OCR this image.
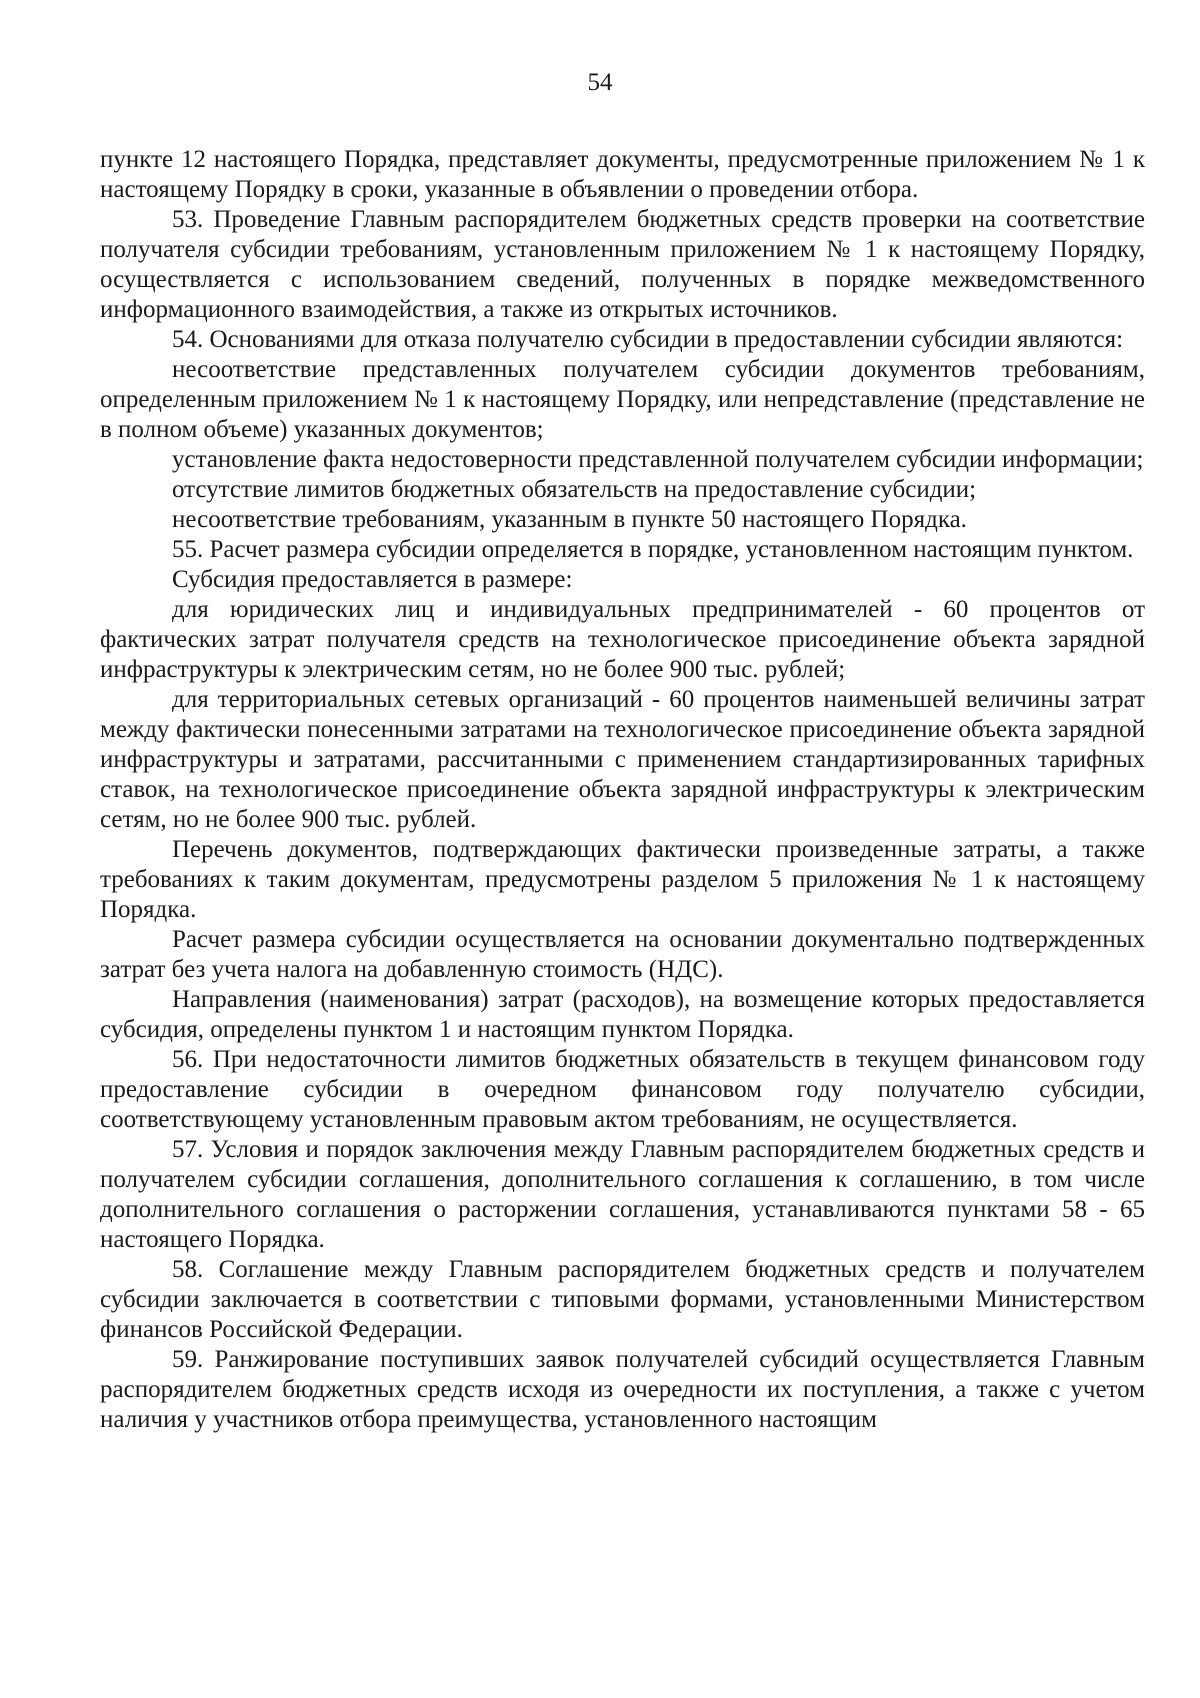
54

пункте 12 настоящего Порядка, представляет документы, предусмотренные приложением № 1 к настоящему Порядку в сроки, указанные в объявлении о проведении отбора.

53. Проведение Главным распорядителем бюджетных средств проверки на соответствие получателя субсидии требованиям, установленным приложением № 1 к настоящему Порядку, осуществляется с использованием сведений, полученных в порядке межведомственного информационного взаимодействия, а также из открытых источников.

54. Основаниями для отказа получателю субсидии в предоставлении субсидии являются:

несоответствие представленных получателем субсидии документов требованиям, определенным приложением № 1 к настоящему Порядку, или непредставление (представление не в полном объеме) указанных документов;

установление факта недостоверности представленной получателем субсидии информации;

отсутствие лимитов бюджетных обязательств на предоставление субсидии;

несоответствие требованиям, указанным в пункте 50 настоящего Порядка.

55. Расчет размера субсидии определяется в порядке, установленном настоящим пунктом.

Субсидия предоставляется в размере:

для юридических лиц и индивидуальных предпринимателей - 60 процентов от фактических затрат получателя средств на технологическое присоединение объекта зарядной инфраструктуры к электрическим сетям, но не более 900 тыс. рублей;

для территориальных сетевых организаций - 60 процентов наименьшей величины затрат между фактически понесенными затратами на технологическое присоединение объекта зарядной инфраструктуры и затратами, рассчитанными с применением стандартизированных тарифных ставок, на технологическое присоединение объекта зарядной инфраструктуры к электрическим сетям, но не более 900 тыс. рублей.

Перечень документов, подтверждающих фактически произведенные затраты, а также требованиях к таким документам, предусмотрены разделом 5 приложения № 1 к настоящему Порядка.

Расчет размера субсидии осуществляется на основании документально подтвержденных затрат без учета налога на добавленную стоимость (НДС).

Направления (наименования) затрат (расходов), на возмещение которых предоставляется субсидия, определены пунктом 1 и настоящим пунктом Порядка.

56. При недостаточности лимитов бюджетных обязательств в текущем финансовом году предоставление субсидии в очередном финансовом году получателю субсидии, соответствующему установленным правовым актом требованиям, не осуществляется.

57. Условия и порядок заключения между Главным распорядителем бюджетных средств и получателем субсидии соглашения, дополнительного соглашения к соглашению, в том числе дополнительного соглашения о расторжении соглашения, устанавливаются пунктами 58 - 65 настоящего Порядка.

58. Соглашение между Главным распорядителем бюджетных средств и получателем субсидии заключается в соответствии с типовыми формами, установленными Министерством финансов Российской Федерации.

59. Ранжирование поступивших заявок получателей субсидий осуществляется Главным распорядителем бюджетных средств исходя из очередности их поступления, а также с учетом наличия у участников отбора преимущества, установленного настоящим
